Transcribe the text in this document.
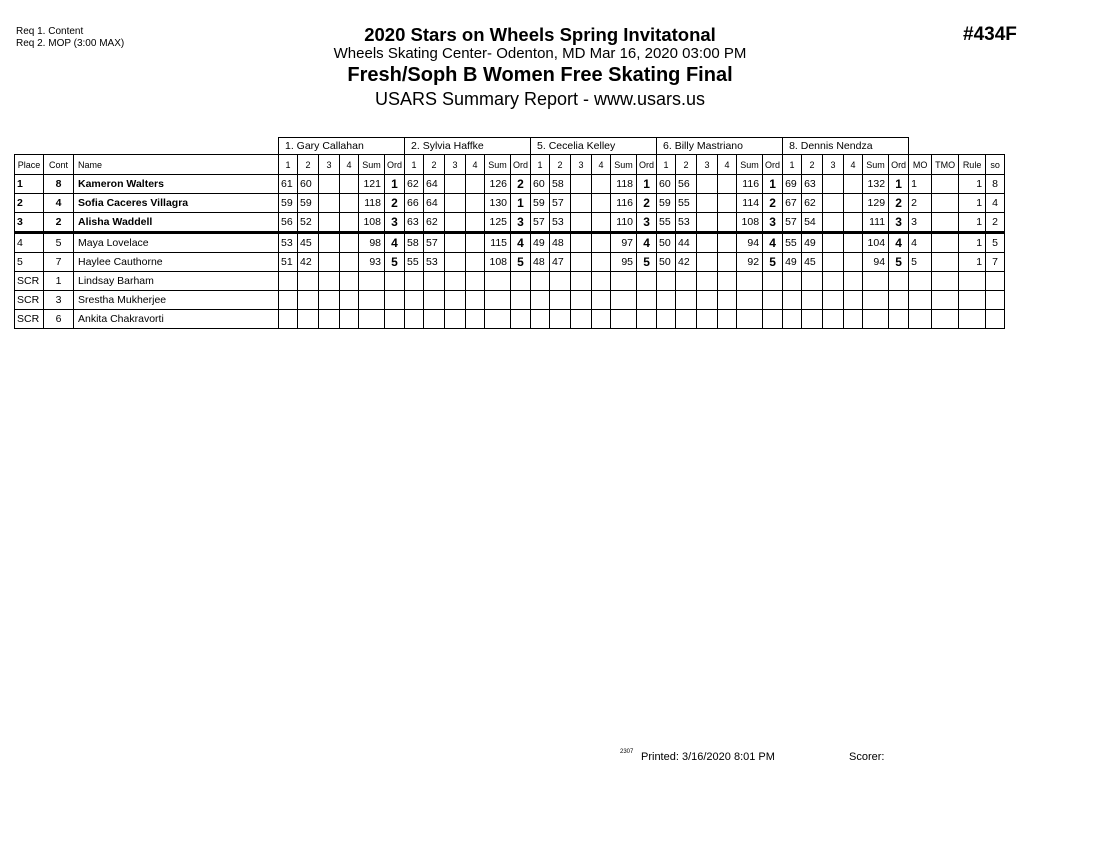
Req 1. Content
Req 2. MOP (3:00 MAX)	2020 Stars on Wheels Spring Invitatonal
Wheels Skating Center- Odenton, MD Mar 16, 2020 03:00 PM
Fresh/Soph B Women Free Skating Final
USARS Summary Report - www.usars.us
#434F
			1. Gary Callahan						2. Sylvia Haffke						5. Cecelia Kelley						6. Billy Mastriano						8. Dennis Nendza									
Place	Cont	Name	1	2	3	4	Sum	Ord	1	2	3	4	Sum	Ord	1	2	3	4	Sum	Ord	1	2	3	4	Sum	Ord	1	2	3	4	Sum	Ord	MO	TMO	Rule	so
1	8	Kameron Walters	61	60			121	1	62	64			126	2	60	58			118	1	60	56			116	1	69	63			132	1	1		1	8
2	4	Sofia Caceres Villagra	59	59			118	2	66	64			130	1	59	57			116	2	59	55			114	2	67	62			129	2	2		1	4
3	2	Alisha Waddell	56	52			108	3	63	62			125	3	57	53			110	3	55	53			108	3	57	54			111	3	3		1	2
4	5	Maya Lovelace	53	45			98	4	58	57			115	4	49	48			97	4	50	44			94	4	55	49			104	4	4		1	5
5	7	Haylee Cauthorne	51	42			93	5	55	53			108	5	48	47			95	5	50	42			92	5	49	45			94	5	5		1	7
SCR	1	Lindsay Barham																																		
SCR	3	Srestha Mukherjee																																		
SCR	6	Ankita Chakravorti																																		
2307 Printed: 3/16/2020 8:01 PM	Scorer:
